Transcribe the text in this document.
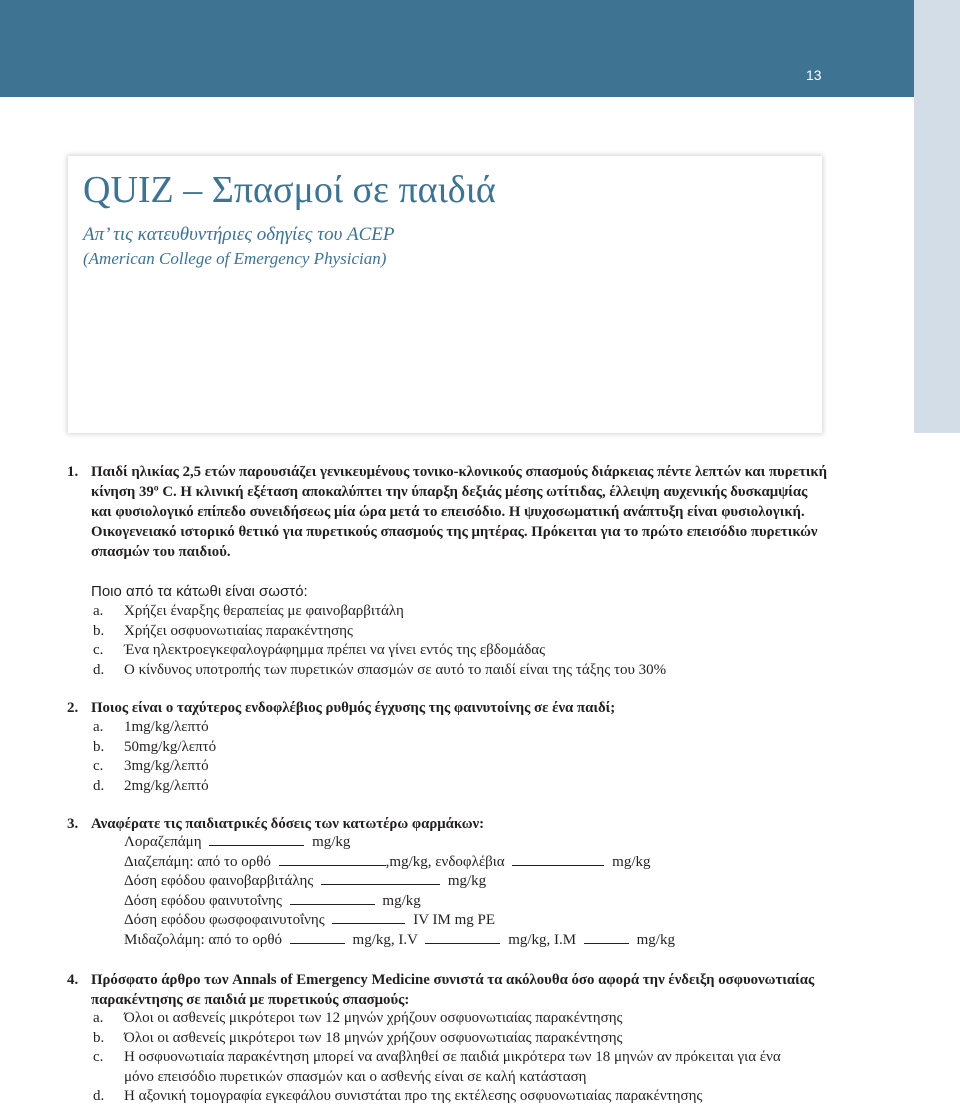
13
QUIZ – Σπασμοί σε παιδιά
Απ’ τις κατευθυντήριες οδηγίες του ACEP
(American College of Emergency Physician)
1. Παιδί ηλικίας 2,5 ετών παρουσιάζει γενικευμένους τονικο-κλονικούς σπασμούς διάρκειας πέντε λεπτών και πυρετική κίνηση 39º C. Η κλινική εξέταση αποκαλύπτει την ύπαρξη δεξιάς μέσης ωτίτιδας, έλλειψη αυχενικής δυσκαμψίας και φυσιολογικό επίπεδο συνειδήσεως μία ώρα μετά το επεισόδιο. Η ψυχοσωματική ανάπτυξη είναι φυσιολογική. Οικογενειακό ιστορικό θετικό για πυρετικούς σπασμούς της μητέρας. Πρόκειται για το πρώτο επεισόδιο πυρετικών σπασμών του παιδιού.

Ποιο από τα κάτωθι είναι σωστό:
a. Χρήζει έναρξης θεραπείας με φαινοβαρβιτάλη
b. Χρήζει οσφυονωτιαίας παρακέντησης
c. Ένα ηλεκτροεγκεφαλογράφημμα πρέπει να γίνει εντός της εβδομάδας
d. Ο κίνδυνος υποτροπής των πυρετικών σπασμών σε αυτό το παιδί είναι της τάξης του 30%
2. Ποιος είναι ο ταχύτερος ενδοφλέβιος ρυθμός έγχυσης της φαινυτοίνης σε ένα παιδί;

a. 1mg/kg/λεπτό
b. 50mg/kg/λεπτό
c. 3mg/kg/λεπτό
d. 2mg/kg/λεπτό
3. Αναφέρατε τις παιδιατρικές δόσεις των κατωτέρω φαρμάκων:

Λοραζεπάμη	mg/kg
Διαζεπάμη: από το ορθό	,mg/kg, ενδοφλέβια	mg/kg
Δόση εφόδου φαινοβαρβιτάλης	mg/kg
Δόση εφόδου φαινυτοΐνης	mg/kg
Δόση εφόδου φωσφοφαινυτοΐνης	IV IM mg PE
Μιδαζολάμη: από το ορθό	mg/kg, I.V	mg/kg, I.M	mg/kg
4. Πρόσφατο άρθρο των Annals of Emergency Medicine συνιστά τα ακόλουθα όσο αφορά την ένδειξη οσφυονωτιαίας παρακέντησης σε παιδιά με πυρετικούς σπασμούς:

a. Όλοι οι ασθενείς μικρότεροι των 12 μηνών χρήζουν οσφυονωτιαίας παρακέντησης
b. Όλοι οι ασθενείς μικρότεροι των 18 μηνών χρήζουν οσφυονωτιαίας παρακέντησης
c. Η οσφυονωτιαία παρακέντηση μπορεί να αναβληθεί σε παιδιά μικρότερα των 18 μηνών αν πρόκειται για ένα μόνο επεισόδιο πυρετικών σπασμών και ο ασθενής είναι σε καλή κατάσταση
d. Η αξονική τομογραφία εγκεφάλου συνιστάται προ της εκτέλεσης οσφυονωτιαίας παρακέντησης
